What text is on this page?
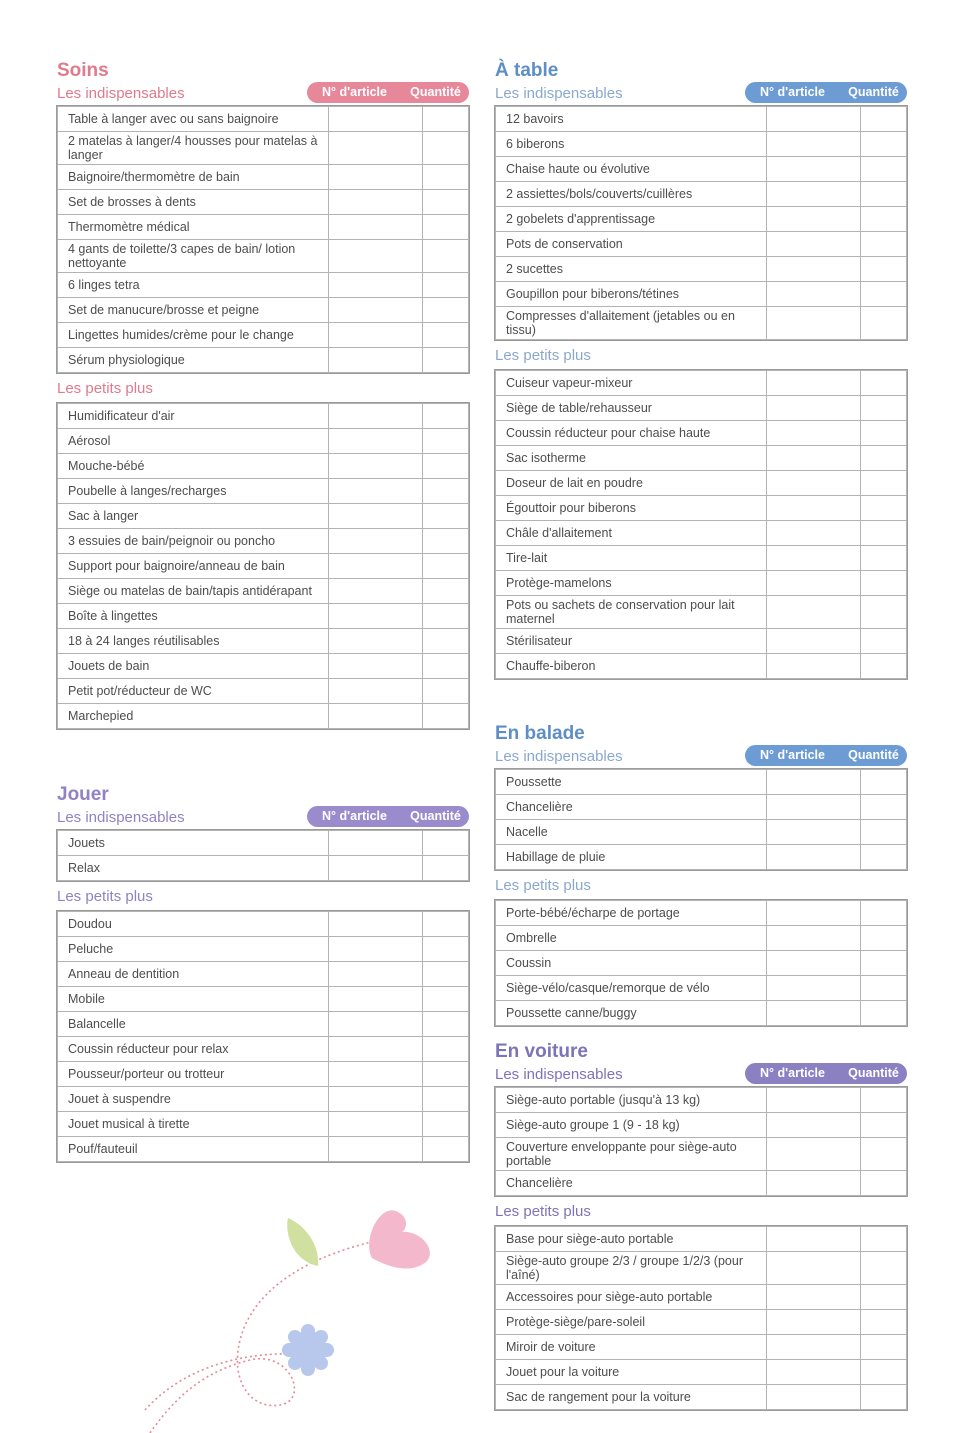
Soins
Les indispensables	N° d'article	Quantité
Table à langer avec ou sans baignoire		
2 matelas à langer/4 housses pour matelas à langer		
Baignoire/thermomètre de bain		
Set de brosses à dents		
Thermomètre médical		
4 gants de toilette/3 capes de bain/ lotion nettoyante		
6 linges tetra		
Set de manucure/brosse et peigne		
Lingettes humides/crème pour le change		
Sérum physiologique		
Les petits plus
Humidificateur d'air		
Aérosol		
Mouche-bébé		
Poubelle à langes/recharges		
Sac à langer		
3 essuies de bain/peignoir ou poncho		
Support pour baignoire/anneau de bain		
Siège ou matelas de bain/tapis antidérapant		
Boîte à lingettes		
18 à 24 langes réutilisables		
Jouets de bain		
Petit pot/réducteur de WC		
Marchepied		
Jouer
Les indispensables	N° d'article	Quantité
Jouets		
Relax		
Les petits plus
Doudou		
Peluche		
Anneau de dentition		
Mobile		
Balancelle		
Coussin réducteur pour relax		
Pousseur/porteur ou trotteur		
Jouet à suspendre		
Jouet musical à tirette		
Pouf/fauteuil		
À table
Les indispensables	N° d'article	Quantité
12 bavoirs		
6 biberons		
Chaise haute ou évolutive		
2 assiettes/bols/couverts/cuillères		
2 gobelets d'apprentissage		
Pots de conservation		
2 sucettes		
Goupillon pour biberons/tétines		
Compresses d'allaitement (jetables ou en tissu)		
Les petits plus
Cuiseur vapeur-mixeur		
Siège de table/rehausseur		
Coussin réducteur pour chaise haute		
Sac isotherme		
Doseur de lait en poudre		
Égouttoir pour biberons		
Châle d'allaitement		
Tire-lait		
Protège-mamelons		
Pots ou sachets de conservation pour lait maternel		
Stérilisateur		
Chauffe-biberon		
En balade
Les indispensables	N° d'article	Quantité
Poussette		
Chancelière		
Nacelle		
Habillage de pluie		
Les petits plus
Porte-bébé/écharpe de portage		
Ombrelle		
Coussin		
Siège-vélo/casque/remorque de vélo		
Poussette canne/buggy		
En voiture
Les indispensables	N° d'article	Quantité
Siège-auto portable (jusqu'à 13 kg)		
Siège-auto groupe 1 (9 - 18 kg)		
Couverture enveloppante pour siège-auto portable		
Chancelière		
Les petits plus
Base pour siège-auto portable		
Siège-auto groupe 2/3 / groupe 1/2/3 (pour l'aîné)		
Accessoires pour siège-auto portable		
Protège-siège/pare-soleil		
Miroir de voiture		
Jouet pour la voiture		
Sac de rangement pour la voiture		
